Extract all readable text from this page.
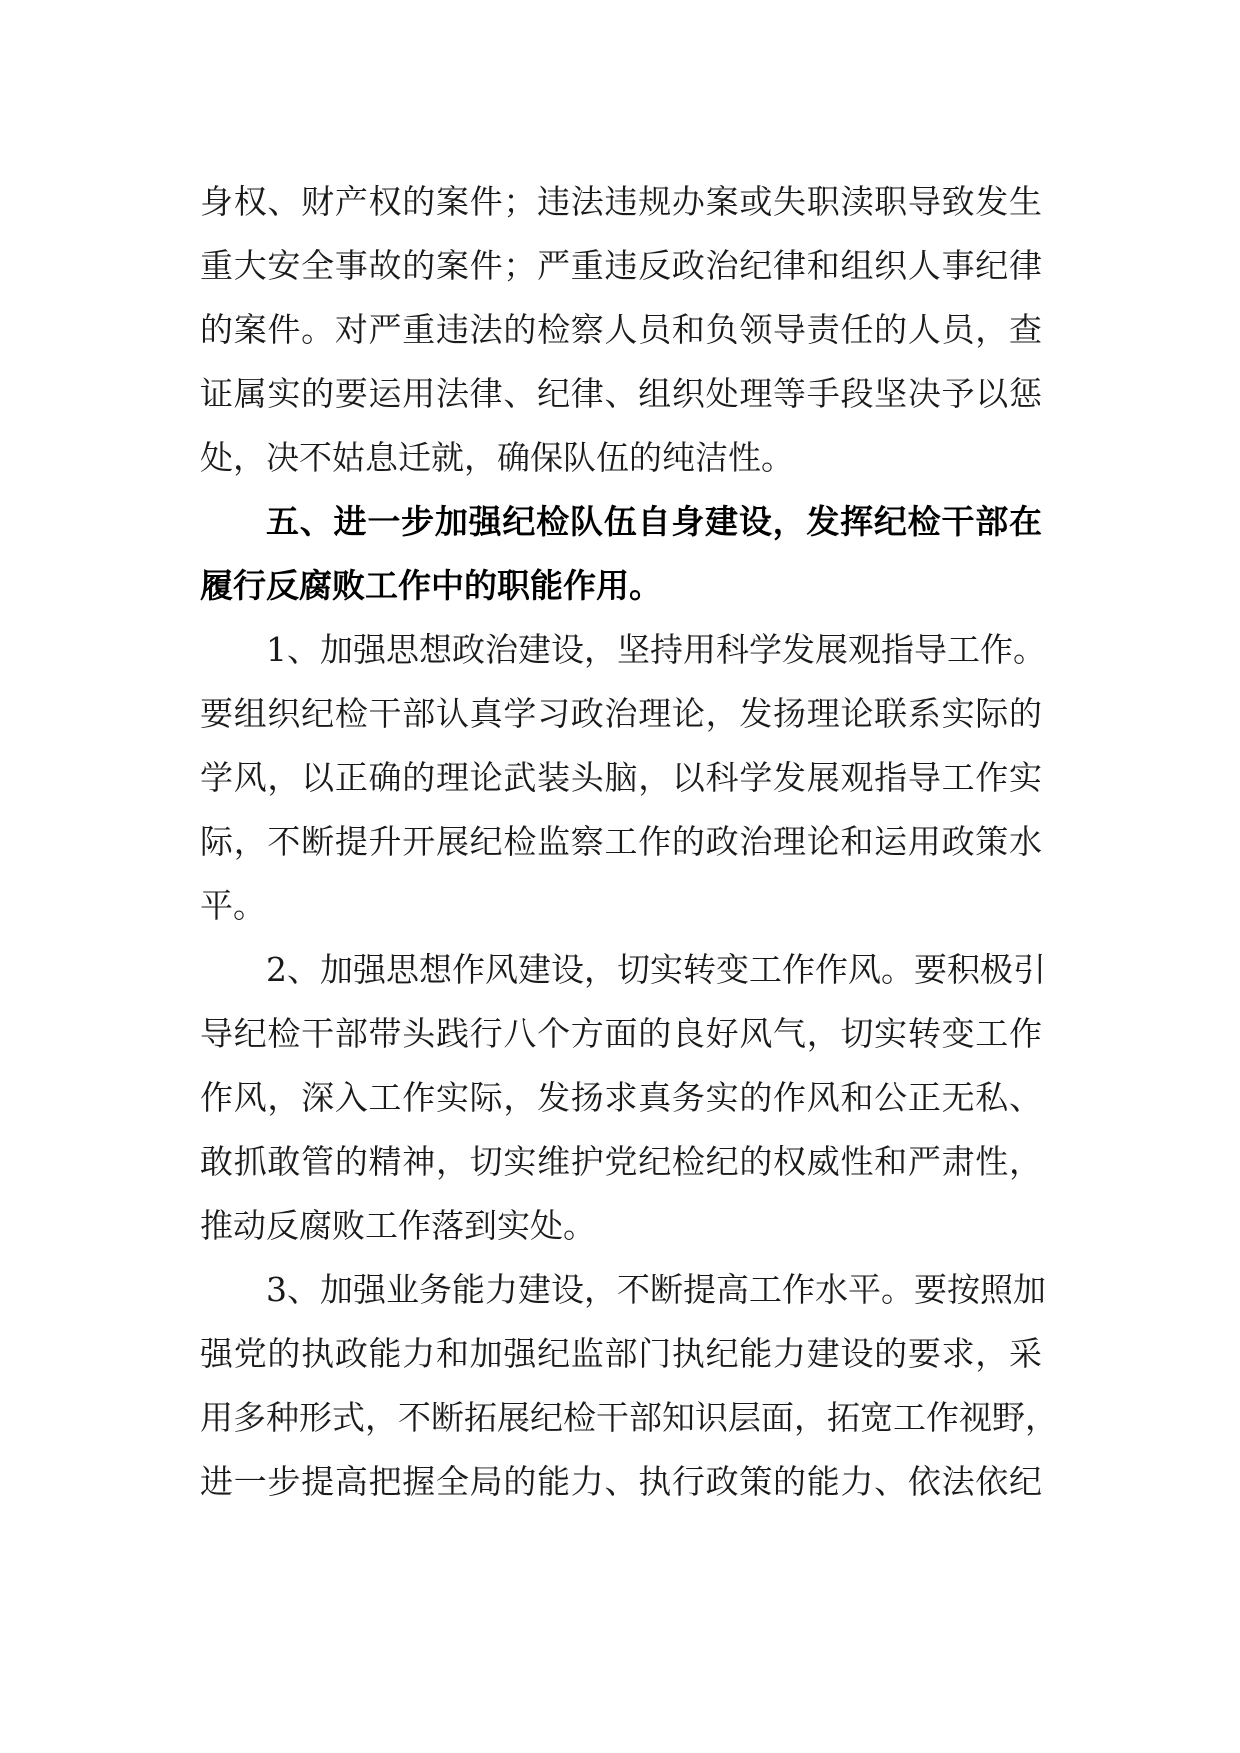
身权、财产权的案件；违法违规办案或失职渎职导致发生
重大安全事故的案件；严重违反政治纪律和组织人事纪律
的案件。对严重违法的检察人员和负领导责任的人员，查
证属实的要运用法律、纪律、组织处理等手段坚决予以惩
处，决不姑息迁就，确保队伍的纯洁性。
五、进一步加强纪检队伍自身建设，发挥纪检干部在
履行反腐败工作中的职能作用。
1、加强思想政治建设，坚持用科学发展观指导工作。
要组织纪检干部认真学习政治理论，发扬理论联系实际的
学风，以正确的理论武装头脑，以科学发展观指导工作实
际，不断提升开展纪检监察工作的政治理论和运用政策水
平。
2、加强思想作风建设，切实转变工作作风。要积极引
导纪检干部带头践行八个方面的良好风气，切实转变工作
作风，深入工作实际，发扬求真务实的作风和公正无私、
敢抓敢管的精神，切实维护党纪检纪的权威性和严肃性，
推动反腐败工作落到实处。
3、加强业务能力建设，不断提高工作水平。要按照加
强党的执政能力和加强纪监部门执纪能力建设的要求，采
用多种形式，不断拓展纪检干部知识层面，拓宽工作视野，
进一步提高把握全局的能力、执行政策的能力、依法依纪
